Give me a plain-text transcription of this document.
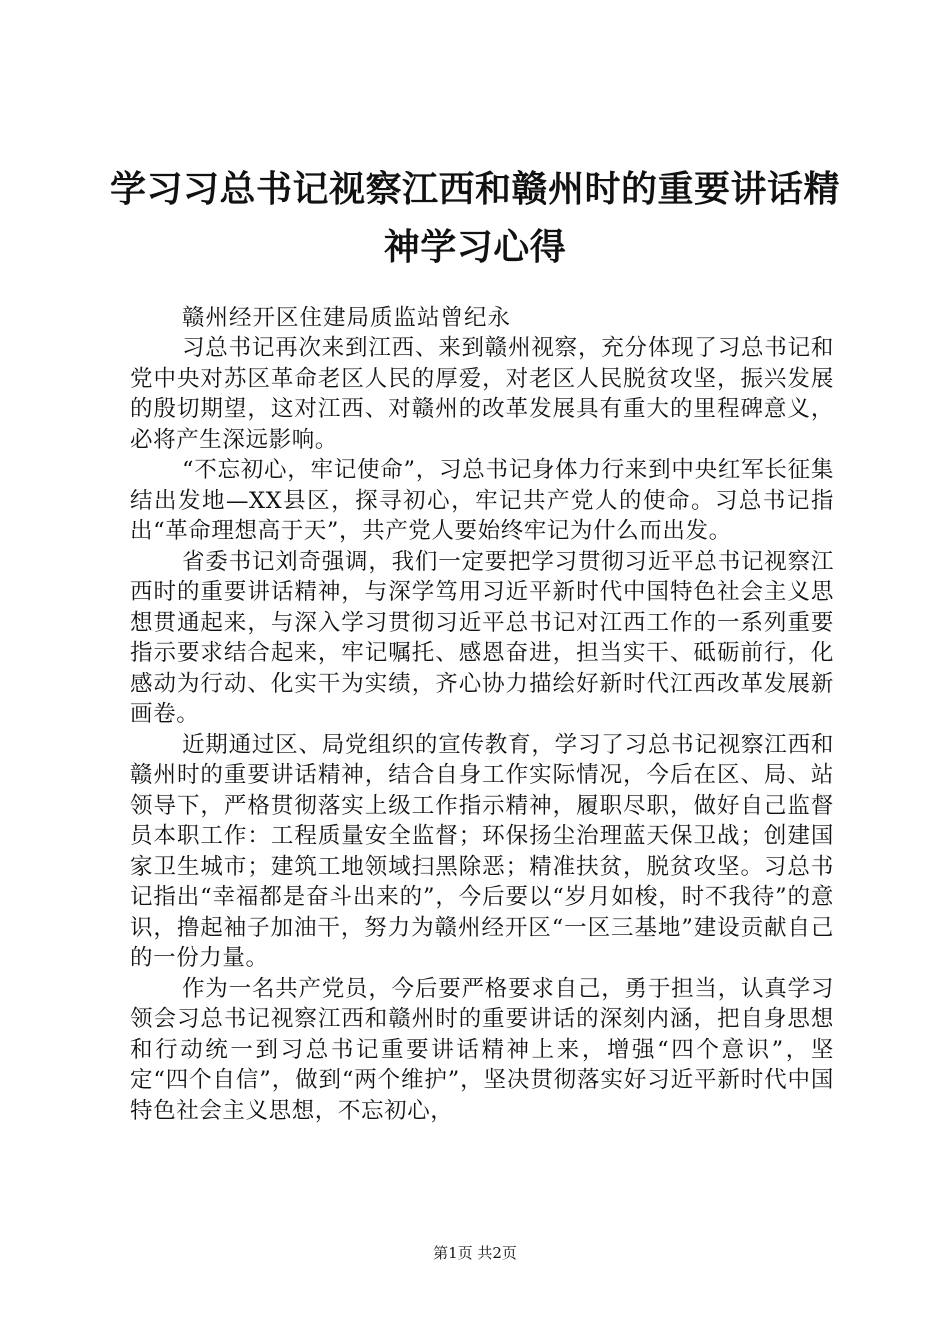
学习习总书记视察江西和赣州时的重要讲话精神学习心得

赣州经开区住建局质监站曾纪永

习总书记再次来到江西、来到赣州视察，充分体现了习总书记和党中央对苏区革命老区人民的厚爱，对老区人民脱贫攻坚，振兴发展的殷切期望，这对江西、对赣州的改革发展具有重大的里程碑意义，必将产生深远影响。

“不忘初心，牢记使命”，习总书记身体力行来到中央红军长征集结出发地—XX县区，探寻初心，牢记共产党人的使命。习总书记指出“革命理想高于天”，共产党人要始终牢记为什么而出发。

省委书记刘奇强调，我们一定要把学习贯彻习近平总书记视察江西时的重要讲话精神，与深学笃用习近平新时代中国特色社会主义思想贯通起来，与深入学习贯彻习近平总书记对江西工作的一系列重要指示要求结合起来，牢记嘱托、感恩奋进，担当实干、砥砺前行，化感动为行动、化实干为实绩，齐心协力描绘好新时代江西改革发展新画卷。

近期通过区、局党组织的宣传教育，学习了习总书记视察江西和赣州时的重要讲话精神，结合自身工作实际情况，今后在区、局、站领导下，严格贯彻落实上级工作指示精神，履职尽职，做好自己监督员本职工作：工程质量安全监督；环保扬尘治理蓝天保卫战；创建国家卫生城市；建筑工地领域扫黑除恶；精准扶贫，脱贫攻坚。习总书记指出“幸福都是奋斗出来的”，今后要以“岁月如梭，时不我待”的意识，撸起袖子加油干，努力为赣州经开区“一区三基地”建设贡献自己的一份力量。

作为一名共产党员，今后要严格要求自己，勇于担当，认真学习领会习总书记视察江西和赣州时的重要讲话的深刻内涵，把自身思想和行动统一到习总书记重要讲话精神上来，增强“四个意识”，坚定“四个自信”，做到“两个维护”，坚决贯彻落实好习近平新时代中国特色社会主义思想，不忘初心，

第1页 共2页
